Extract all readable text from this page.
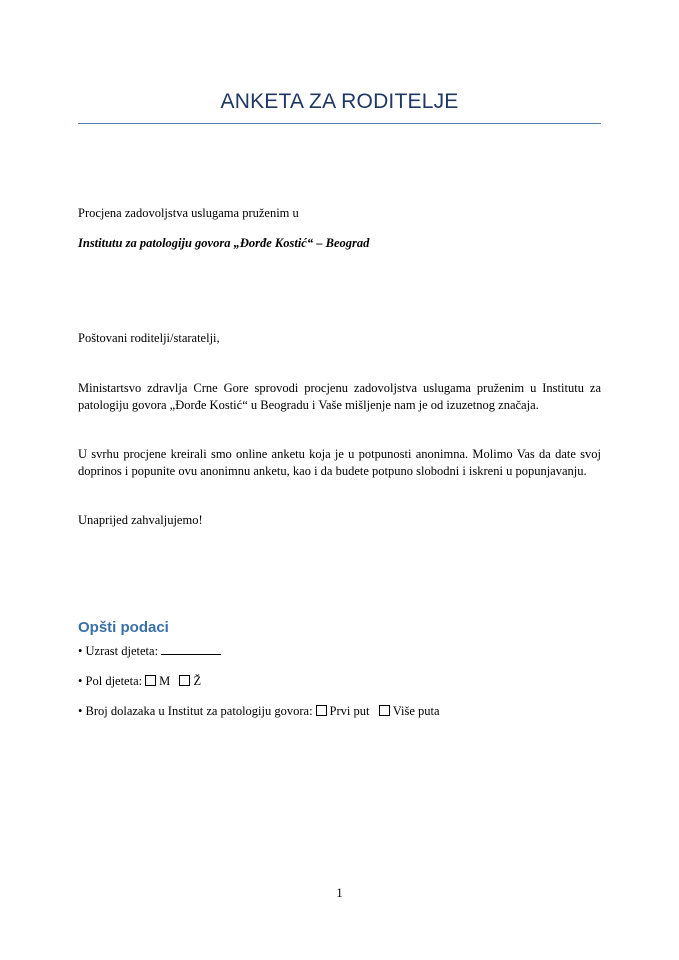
ANKETA ZA RODITELJE
Procjena zadovoljstva uslugama pruženim u
Institutu za patologiju govora „Đorđe Kostić“ – Beograd
Poštovani roditelji/staratelji,
Ministartsvo zdravlja Crne Gore sprovodi procjenu zadovoljstva uslugama pruženim u Institutu za patologiju govora „Đorđe Kostić“ u Beogradu i Vaše mišljenje nam je od izuzetnog značaja.
U svrhu procjene kreirali smo online anketu koja je u potpunosti anonimna. Molimo Vas da date svoj doprinos i popunite ovu anonimnu anketu, kao i da budete potpuno slobodni i iskreni u popunjavanju.
Unaprijed zahvaljujemo!
Opšti podaci
• Uzrast djeteta:
• Pol djeteta: M Ž
• Broj dolazaka u Institut za patologiju govora: Prvi put Više puta
1
